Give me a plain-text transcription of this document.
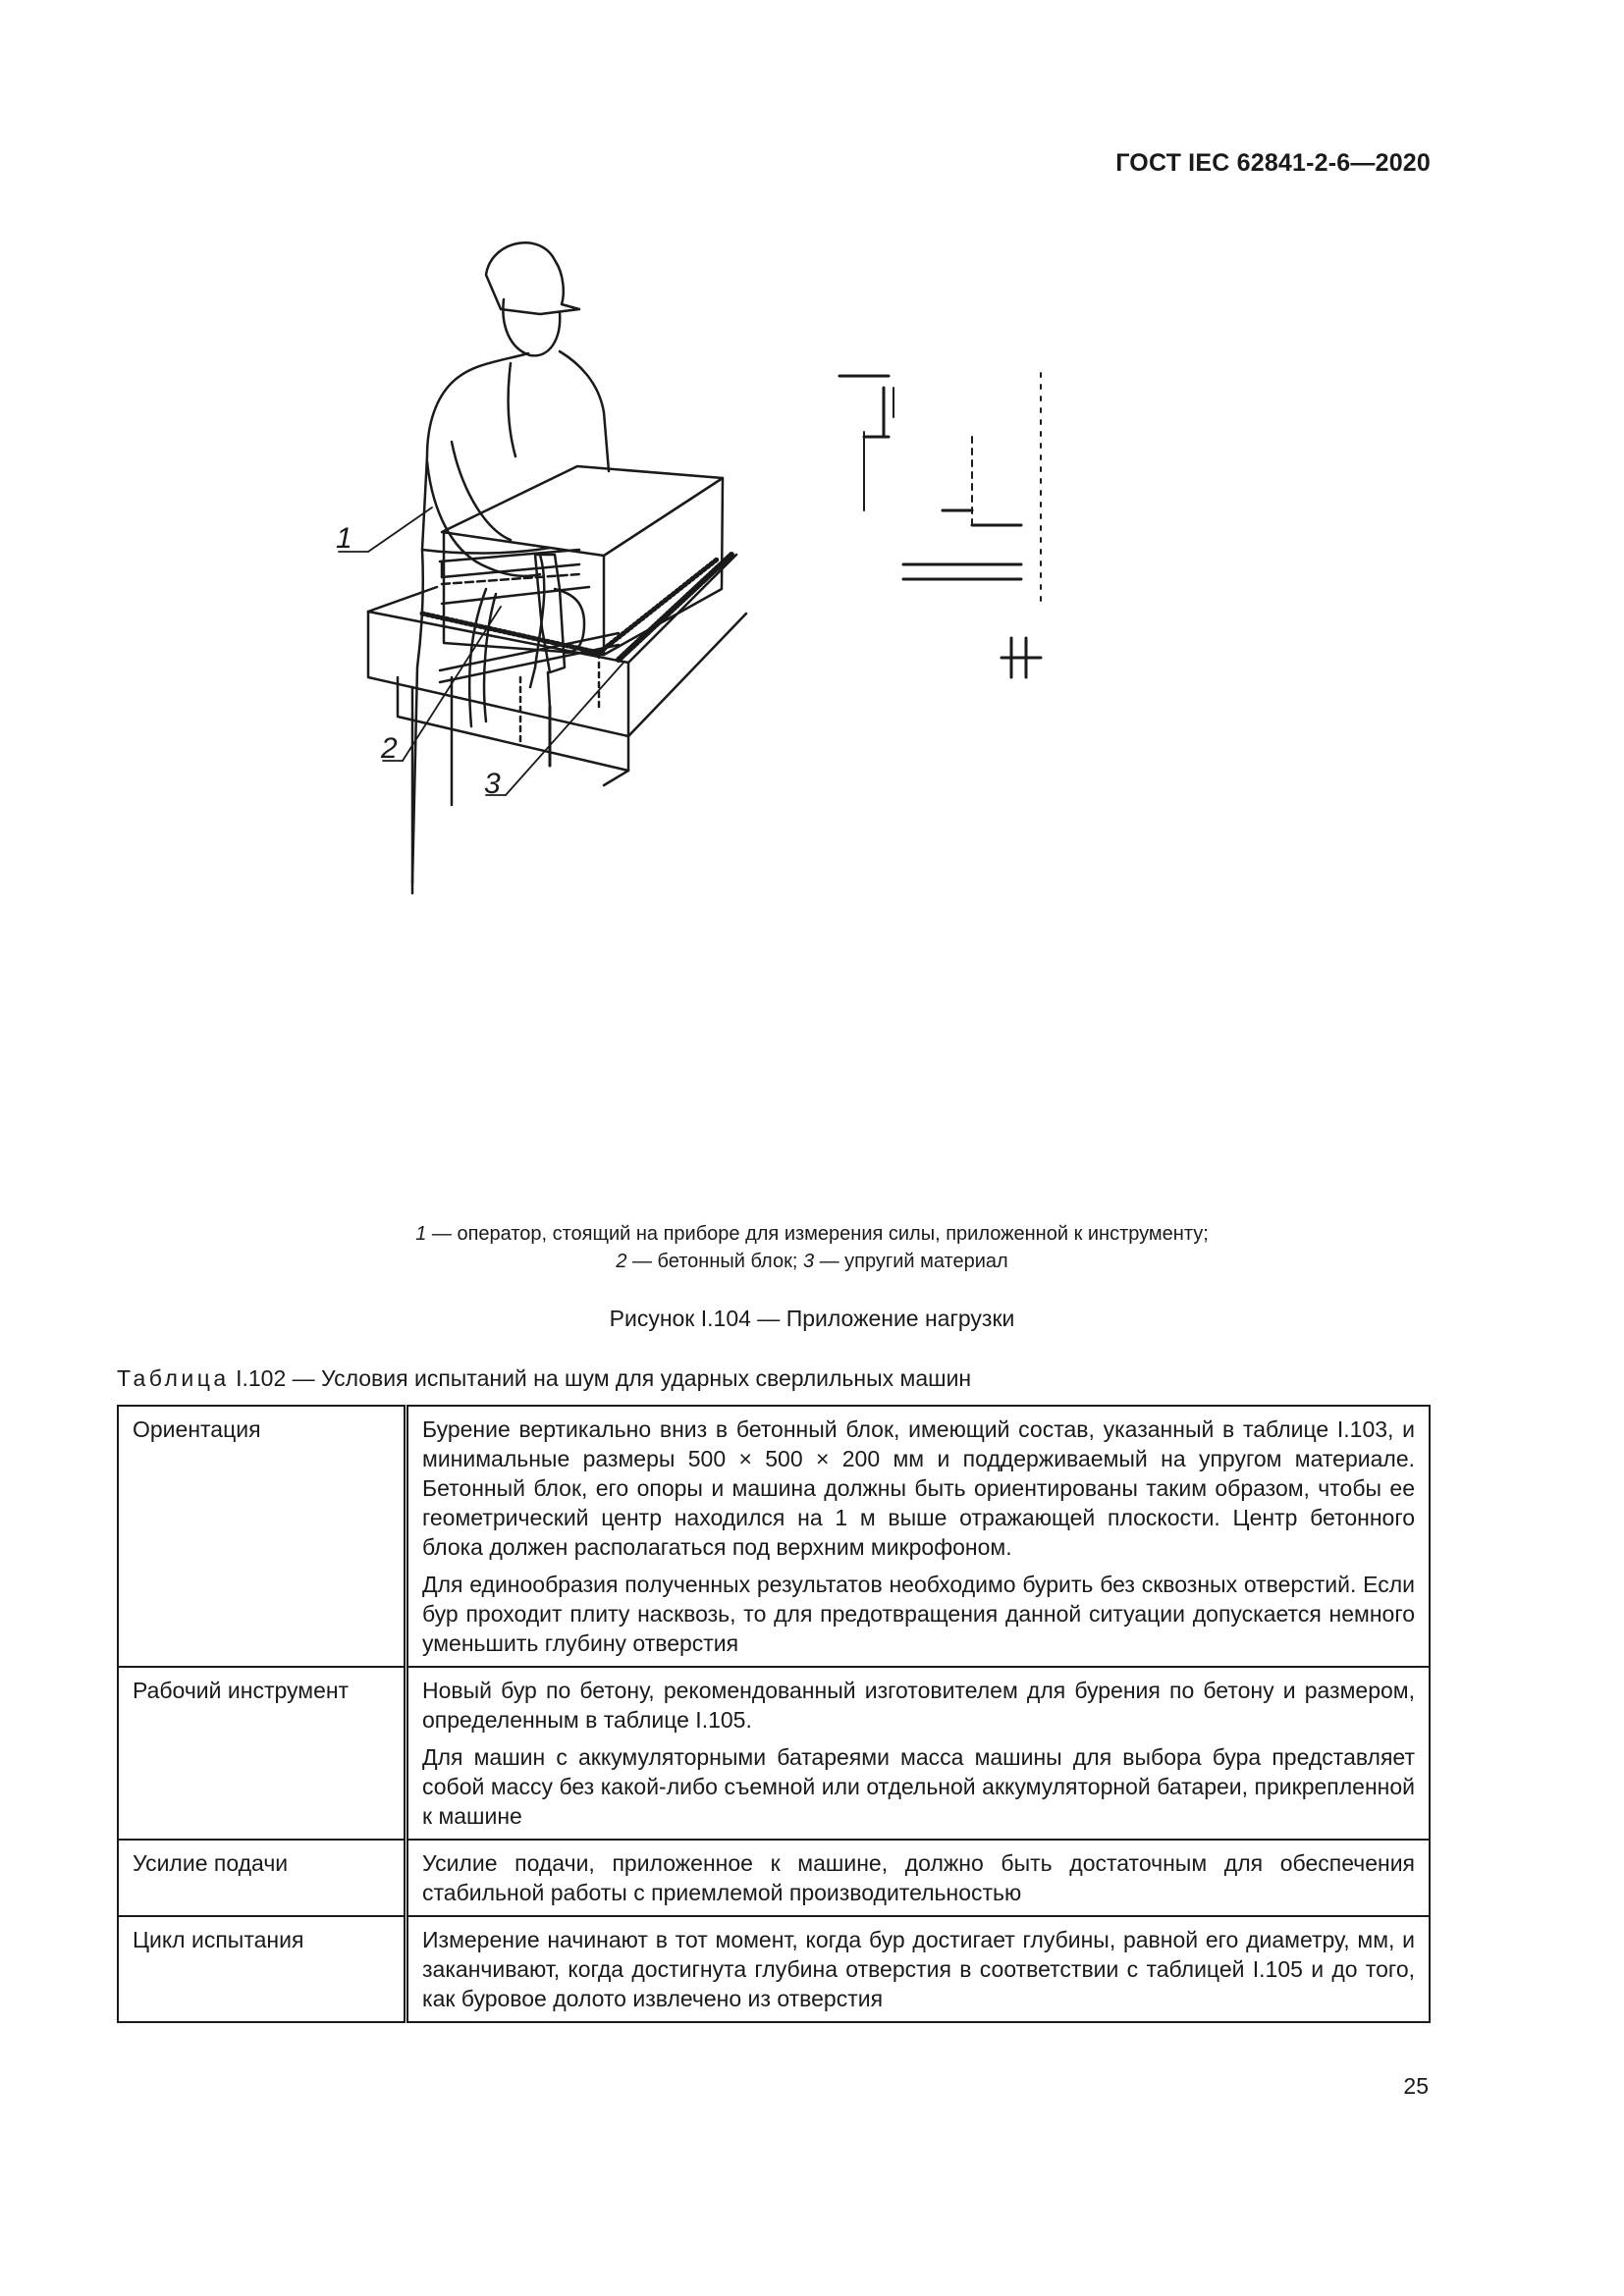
ГОСТ IEC 62841-2-6—2020
1
2
3
1 — оператор, стоящий на приборе для измерения силы, приложенной к инструменту;
2 — бетонный блок; 3 — упругий материал
Рисунок I.104 — Приложение нагрузки
Таблица I.102 — Условия испытаний на шум для ударных сверлильных машин
Ориентация	Бурение вертикально вниз в бетонный блок, имеющий состав, указанный в таблице I.103, и минимальные размеры 500 × 500 × 200 мм и поддерживаемый на упругом материале. Бетонный блок, его опоры и машина должны быть ориентированы таким образом, чтобы ее геометрический центр находился на 1 м выше отражающей плоскости. Центр бетонного блока должен располагаться под верхним микрофоном.

Для единообразия полученных результатов необходимо бурить без сквозных отверстий. Если бур проходит плиту насквозь, то для предотвращения данной ситуации допускается немного уменьшить глубину отверстия

Рабочий инструмент	Новый бур по бетону, рекомендованный изготовителем для бурения по бетону и размером, определенным в таблице I.105.

Для машин с аккумуляторными батареями масса машины для выбора бура представляет собой массу без какой-либо съемной или отдельной аккумуляторной батареи, прикрепленной к машине

Усилие подачи	Усилие подачи, приложенное к машине, должно быть достаточным для обеспечения стабильной работы с приемлемой производительностью

Цикл испытания	Измерение начинают в тот момент, когда бур достигает глубины, равной его диаметру, мм, и заканчивают, когда достигнута глубина отверстия в соответствии с таблицей I.105 и до того, как буровое долото извлечено из отверстия

25
